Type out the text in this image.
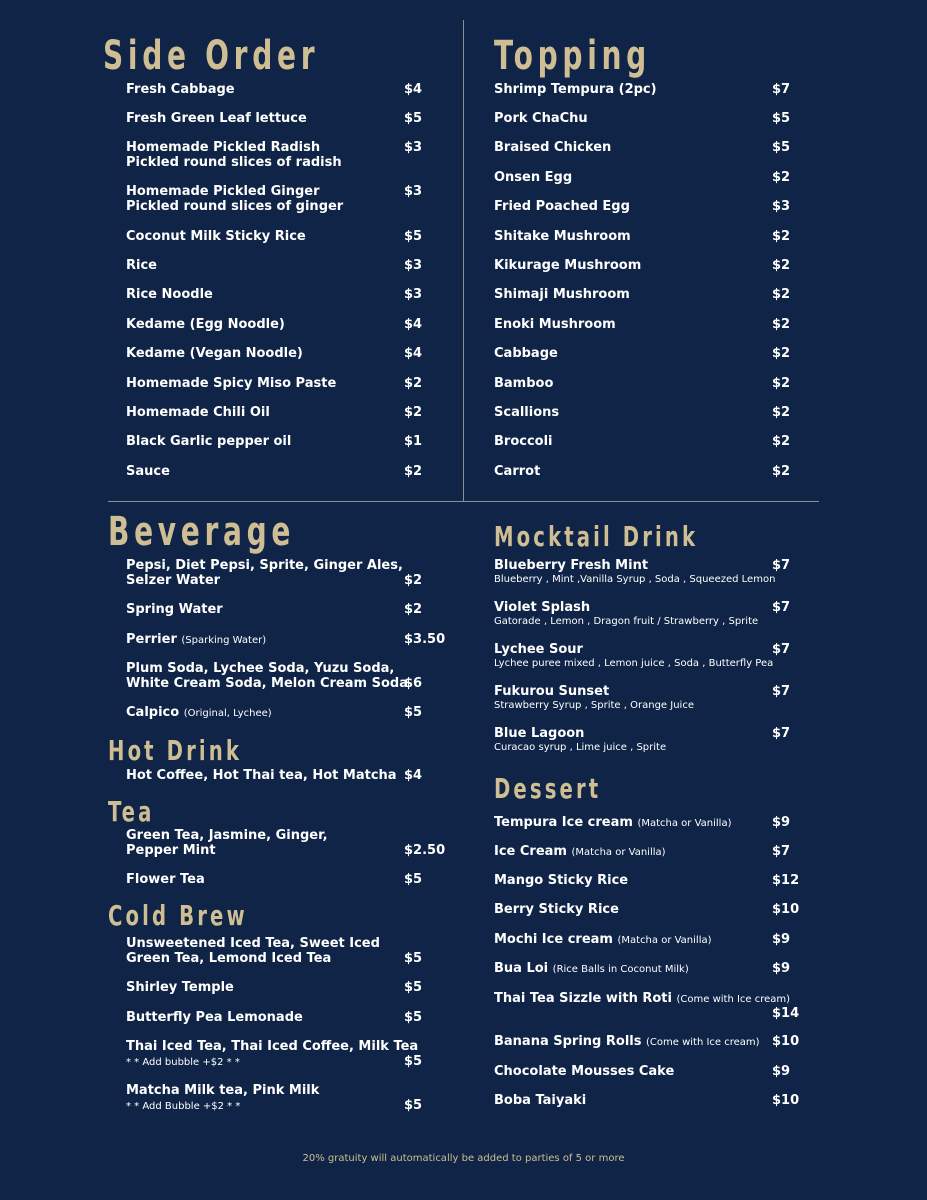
Side Order	Topping
Beverage	Mocktail Drink
Hot Drink
Tea
Cold Brew
Dessert
Fresh Cabbage	$4
Fresh Green Leaf lettuce	$5
Homemade Pickled Radish
Pickled round slices of radish
$3
Homemade Pickled Ginger
Pickled round slices of ginger
$3
Coconut Milk Sticky Rice	$5
Rice	$3
Rice Noodle	$3
Kedame (Egg Noodle)	$4
Kedame (Vegan Noodle)	$4
Homemade Spicy Miso Paste	$2
Homemade Chili Oil	$2
Black Garlic pepper oil	$1
Sauce	$2
Shrimp Tempura (2pc)	$7
Pork ChaChu	$5
Braised Chicken	$5
Onsen Egg	$2
Fried Poached Egg	$3
Shitake Mushroom	$2
Kikurage Mushroom	$2
Shimaji Mushroom	$2
Enoki Mushroom	$2
Cabbage	$2
Bamboo	$2
Scallions	$2
Broccoli	$2
Carrot	$2
Pepsi, Diet Pepsi, Sprite, Ginger Ales,
Selzer Water	$2
Spring Water	$2
Perrier (Sparking Water)	$3.50
Plum Soda, Lychee Soda, Yuzu Soda,
White Cream Soda, Melon Cream Soda
$6
Calpico (Original, Lychee)	$5
Hot Coffee, Hot Thai tea, Hot Matcha $4
Green Tea, Jasmine, Ginger,
Pepper Mint	$2.50
Flower Tea	$5
Unsweetened Iced Tea, Sweet Iced
Green Tea, Lemond Iced Tea	$5
Shirley Temple	$5
Butterfly Pea Lemonade	$5
Thai Iced Tea, Thai Iced Coffee, Milk Tea
* * Add bubble +$2 * *	$5
Matcha Milk tea, Pink Milk
* * Add Bubble +$2 * *	$5
Blueberry Fresh Mint
Blueberry , Mint ,Vanilla Syrup , Soda , Squeezed Lemon
$7
Violet Splash
Gatorade , Lemon , Dragon fruit / Strawberry , Sprite
$7
Lychee Sour
Lychee puree mixed , Lemon juice , Soda , Butterfly Pea
$7
Fukurou Sunset
Strawberry Syrup , Sprite , Orange Juice
$7
Blue Lagoon
Curacao syrup , Lime juice , Sprite
$7
Tempura Ice cream (Matcha or Vanilla)	$9
Ice Cream (Matcha or Vanilla)	$7
Mango Sticky Rice	$12
Berry Sticky Rice	$10
Mochi Ice cream (Matcha or Vanilla)	$9
Bua Loi (Rice Balls in Coconut Milk)	$9
Thai Tea Sizzle with Roti (Come with Ice cream)
$14
Banana Spring Rolls (Come with Ice cream) $10
Chocolate Mousses Cake	$9
Boba Taiyaki	$10
20% gratuity will automatically be added to parties of 5 or more
